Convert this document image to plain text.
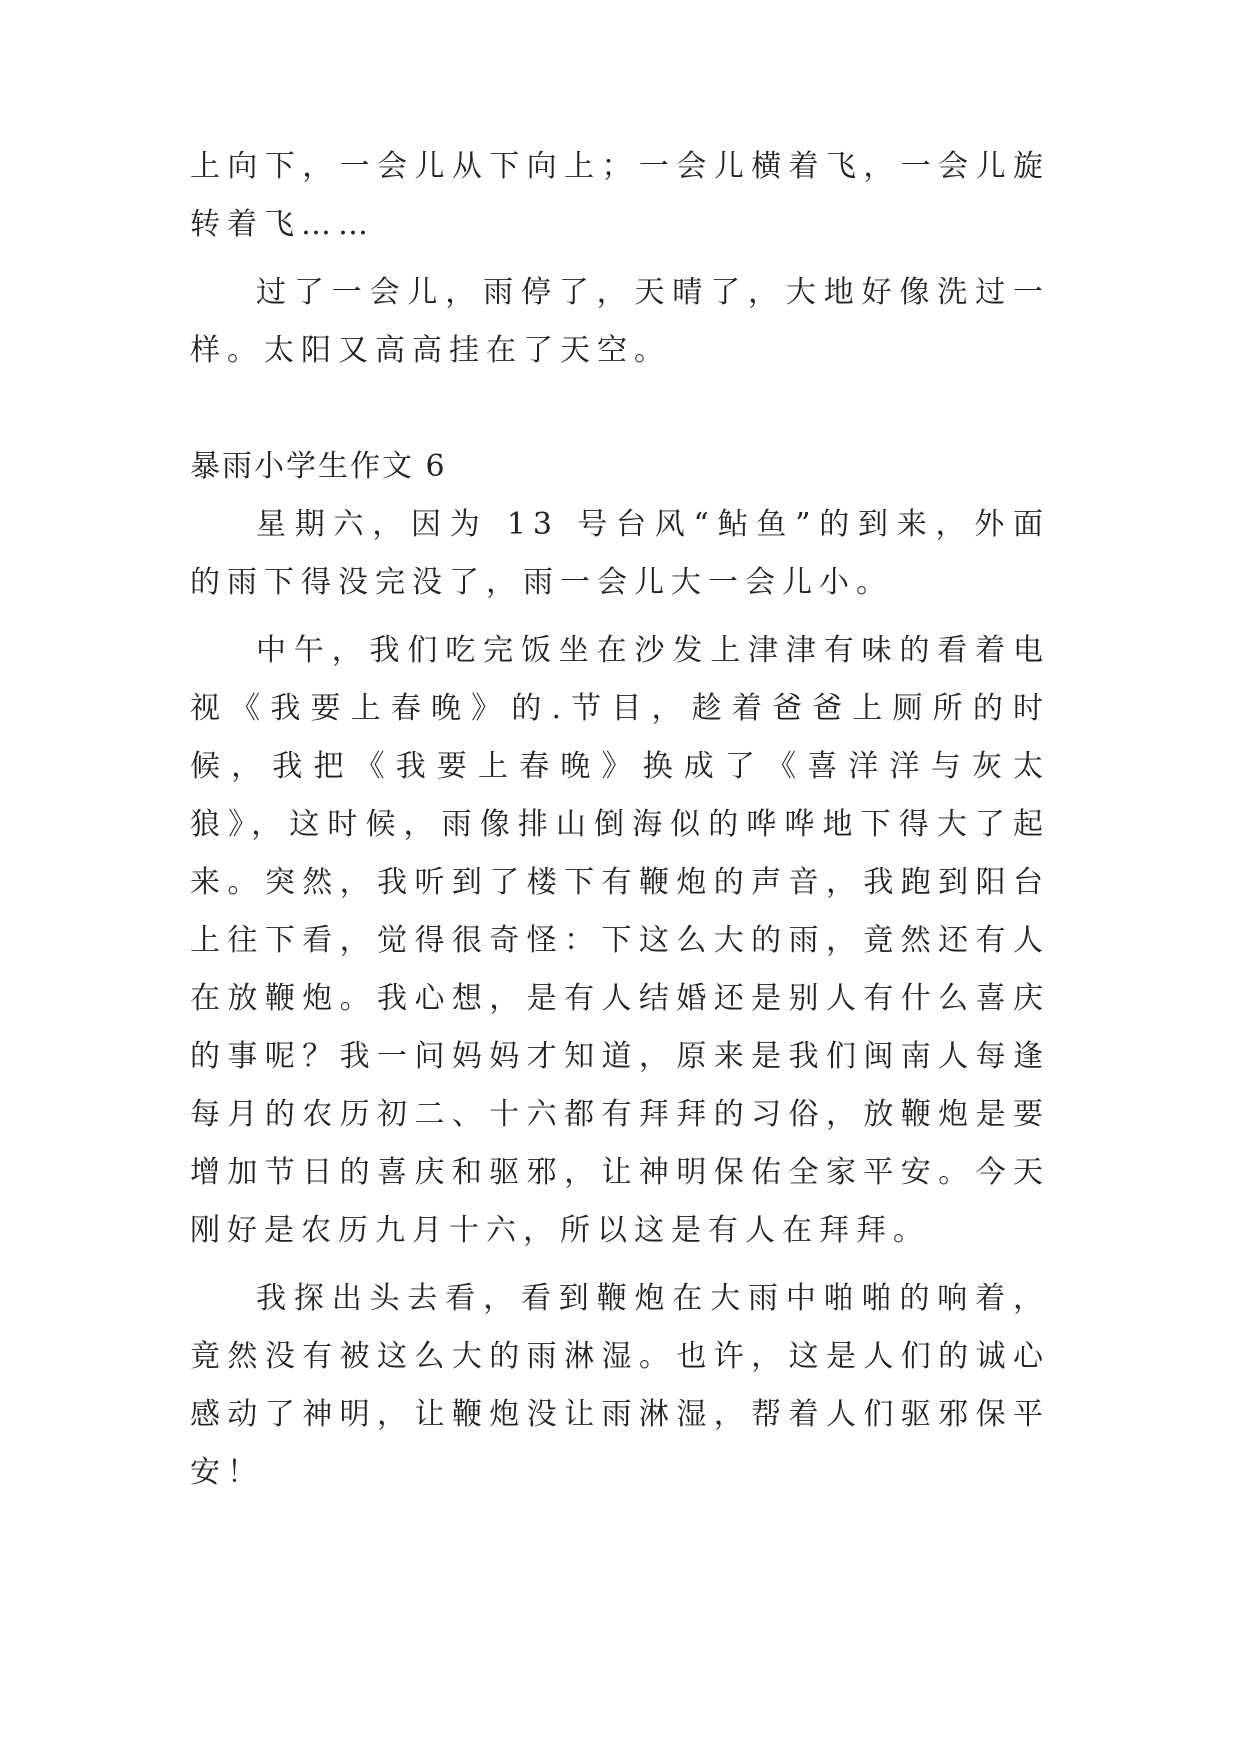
上向下，一会儿从下向上；一会儿横着飞，一会儿旋转着飞……

过了一会儿，雨停了，天晴了，大地好像洗过一样。太阳又高高挂在了天空。

暴雨小学生作文 6

星期六，因为 13 号台风“鲇鱼”的到来，外面的雨下得没完没了，雨一会儿大一会儿小。

中午，我们吃完饭坐在沙发上津津有味的看着电视《我要上春晚》的.节目，趁着爸爸上厕所的时候，我把《我要上春晚》换成了《喜洋洋与灰太狼》，这时候，雨像排山倒海似的哗哗地下得大了起来。突然，我听到了楼下有鞭炮的声音，我跑到阳台上往下看，觉得很奇怪：下这么大的雨，竟然还有人在放鞭炮。我心想，是有人结婚还是别人有什么喜庆的事呢？我一问妈妈才知道，原来是我们闽南人每逢每月的农历初二、十六都有拜拜的习俗，放鞭炮是要增加节日的喜庆和驱邪，让神明保佑全家平安。今天刚好是农历九月十六，所以这是有人在拜拜。

我探出头去看，看到鞭炮在大雨中啪啪的响着，竟然没有被这么大的雨淋湿。也许，这是人们的诚心感动了神明，让鞭炮没让雨淋湿，帮着人们驱邪保平安！
